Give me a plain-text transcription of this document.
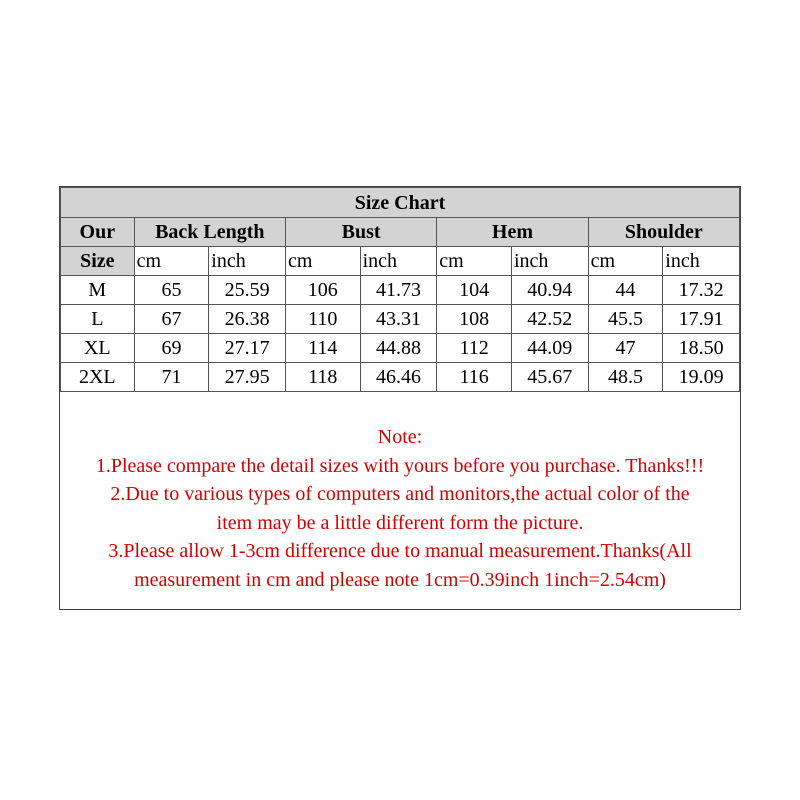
Size Chart								
Our	Back Length		Bust		Hem		Shoulder	
Size	cm	inch	cm	inch	cm	inch	cm	inch
M	65	25.59	106	41.73	104	40.94	44	17.32
L	67	26.38	110	43.31	108	42.52	45.5	17.91
XL	69	27.17	114	44.88	112	44.09	47	18.50
2XL	71	27.95	118	46.46	116	45.67	48.5	19.09
Note:
1.Please compare the detail sizes with yours before you purchase. Thanks!!!
2.Due to various types of computers and monitors,the actual color of the
item may be a little different form the picture.
3.Please allow 1-3cm difference due to manual measurement.Thanks(All
measurement in cm and please note 1cm=0.39inch 1inch=2.54cm)
